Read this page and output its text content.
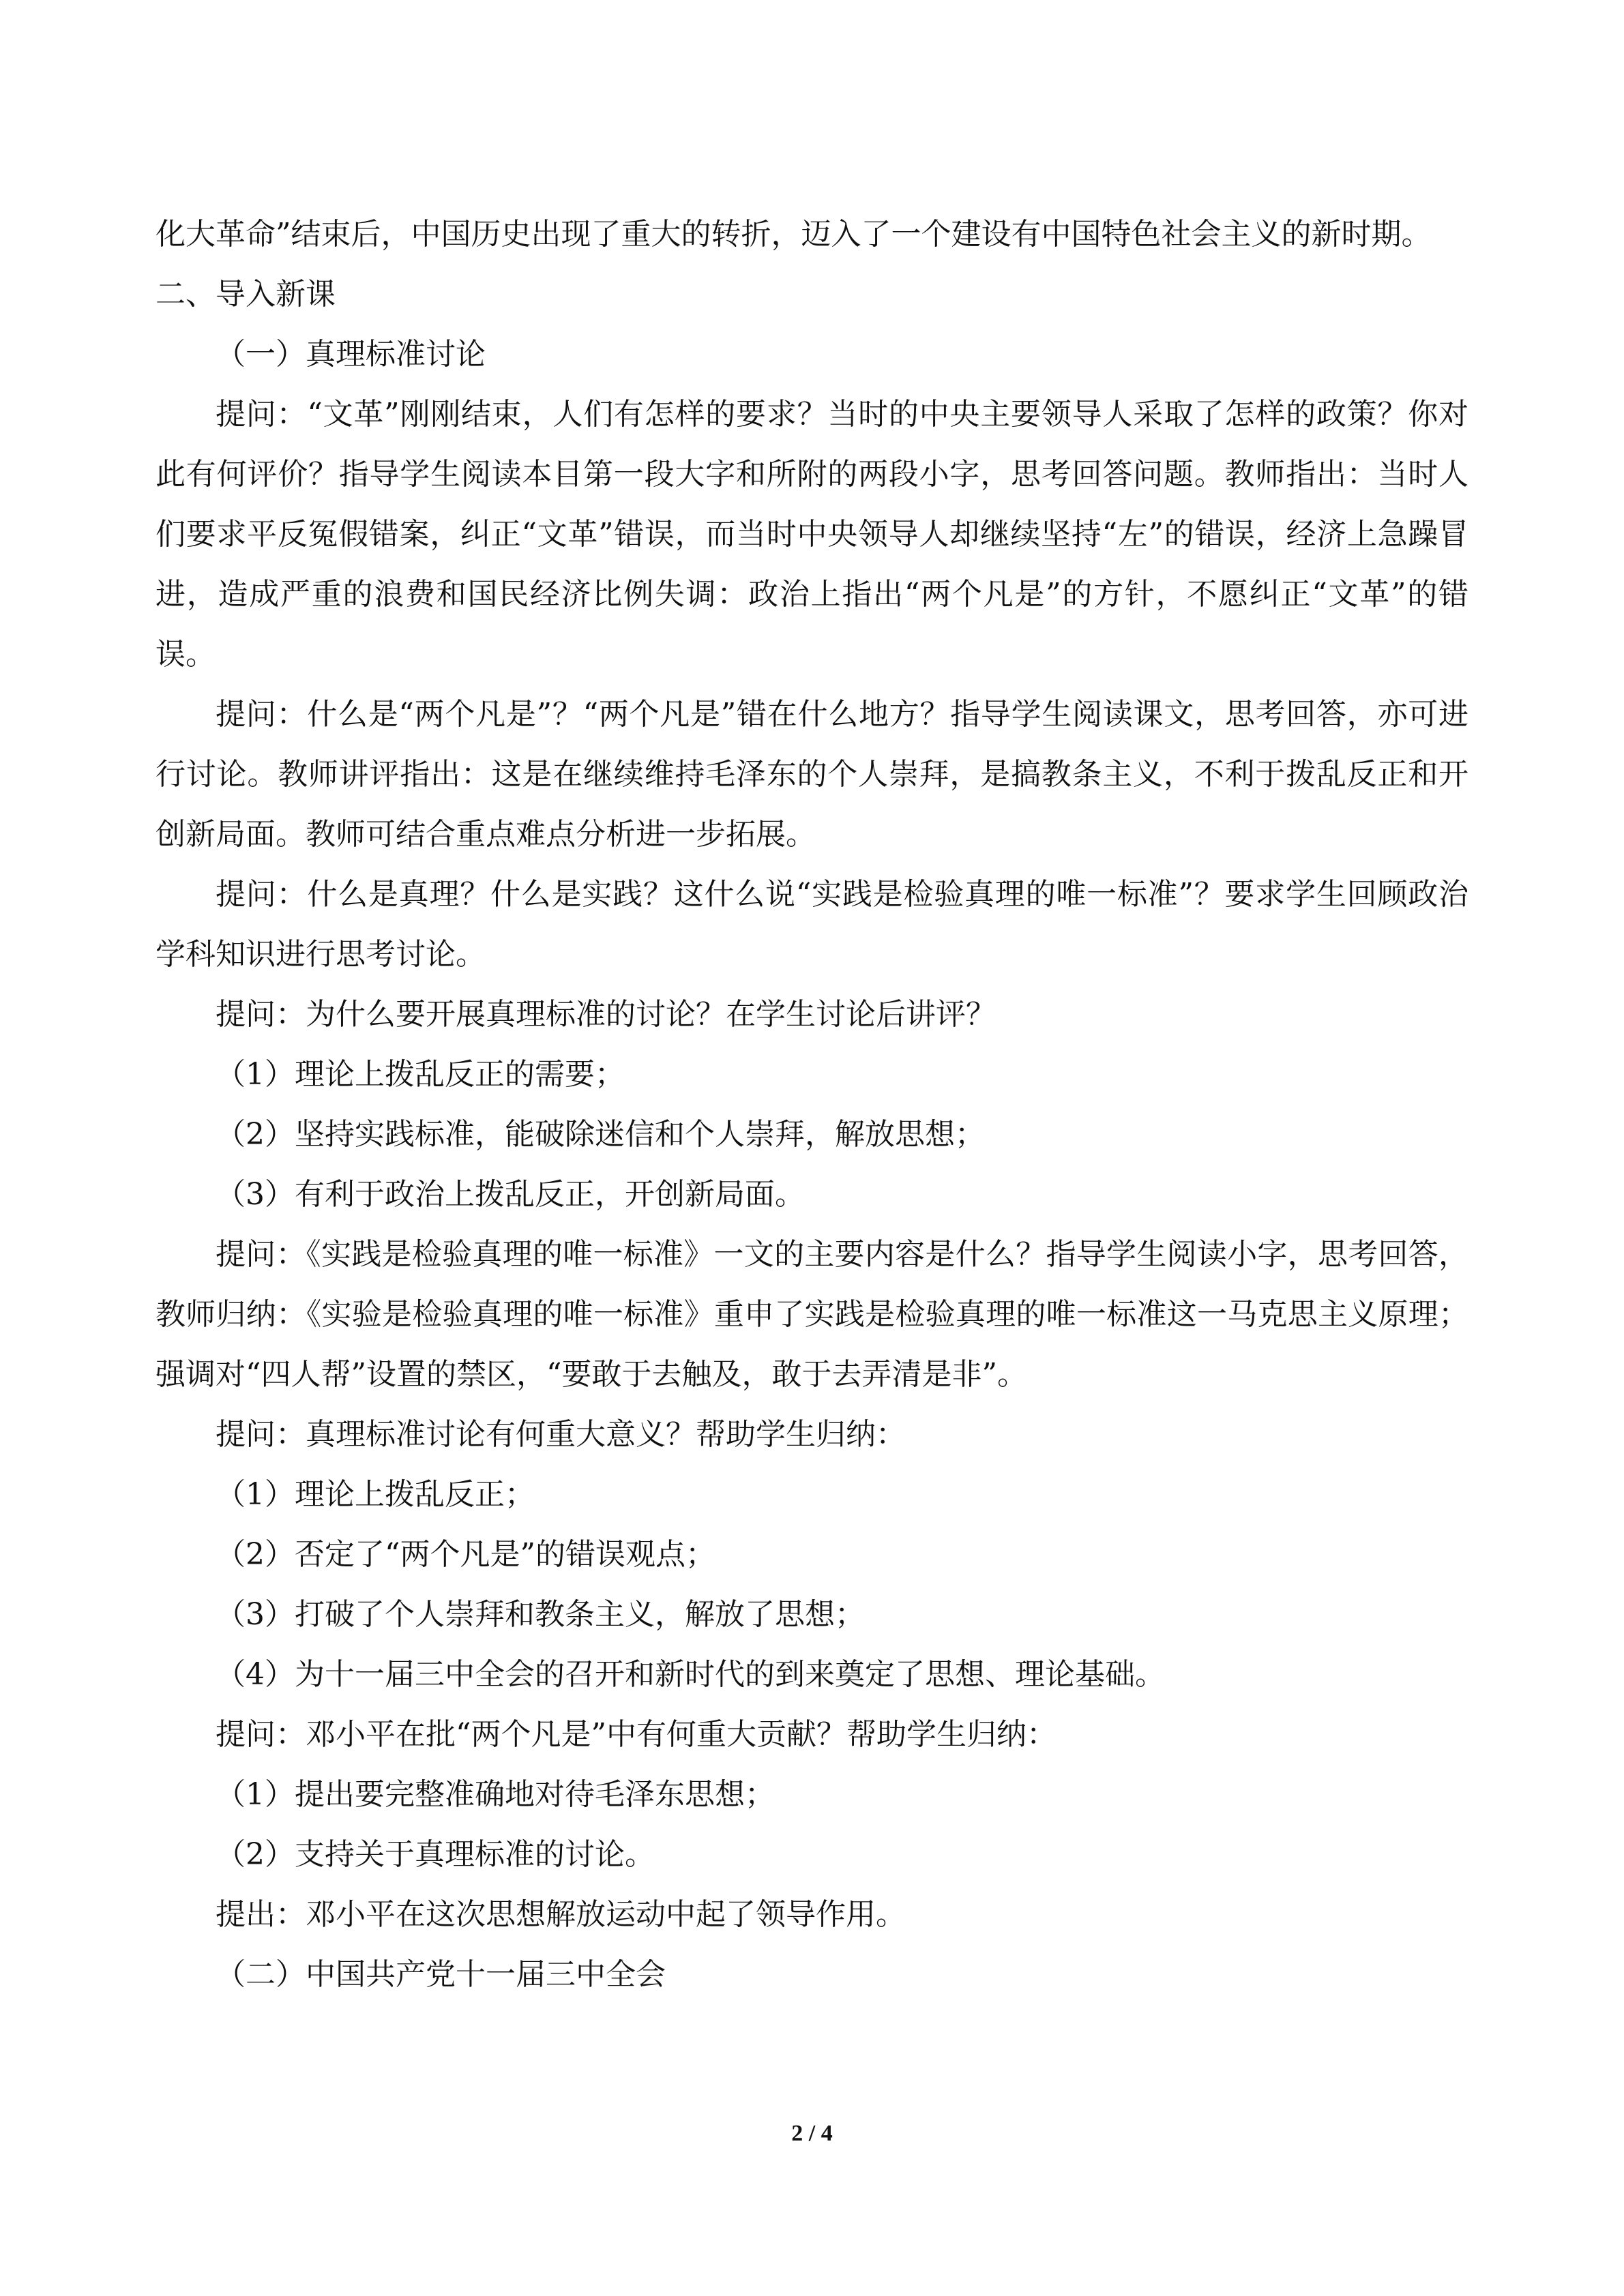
化大革命”结束后，中国历史出现了重大的转折，迈入了一个建设有中国特色社会主义的新时期。

二、导入新课

（一）真理标准讨论

提问：“文革”刚刚结束，人们有怎样的要求？当时的中央主要领导人采取了怎样的政策？你对此有何评价？指导学生阅读本目第一段大字和所附的两段小字，思考回答问题。教师指出：当时人们要求平反冤假错案，纠正“文革”错误，而当时中央领导人却继续坚持“左”的错误，经济上急躁冒进，造成严重的浪费和国民经济比例失调：政治上指出“两个凡是”的方针，不愿纠正“文革”的错误。

提问：什么是“两个凡是”？“两个凡是”错在什么地方？指导学生阅读课文，思考回答，亦可进行讨论。教师讲评指出：这是在继续维持毛泽东的个人崇拜，是搞教条主义，不利于拨乱反正和开创新局面。教师可结合重点难点分析进一步拓展。

提问：什么是真理？什么是实践？这什么说“实践是检验真理的唯一标准”？要求学生回顾政治学科知识进行思考讨论。

提问：为什么要开展真理标准的讨论？在学生讨论后讲评？

（1）理论上拨乱反正的需要；

（2）坚持实践标准，能破除迷信和个人崇拜，解放思想；

（3）有利于政治上拨乱反正，开创新局面。

提问：《实践是检验真理的唯一标准》一文的主要内容是什么？指导学生阅读小字，思考回答，教师归纳：《实验是检验真理的唯一标准》重申了实践是检验真理的唯一标准这一马克思主义原理；强调对“四人帮”设置的禁区，“要敢于去触及，敢于去弄清是非”。

提问：真理标准讨论有何重大意义？帮助学生归纳：

（1）理论上拨乱反正；

（2）否定了“两个凡是”的错误观点；

（3）打破了个人崇拜和教条主义，解放了思想；

（4）为十一届三中全会的召开和新时代的到来奠定了思想、理论基础。

提问：邓小平在批“两个凡是”中有何重大贡献？帮助学生归纳：

（1）提出要完整准确地对待毛泽东思想；

（2）支持关于真理标准的讨论。

提出：邓小平在这次思想解放运动中起了领导作用。

（二）中国共产党十一届三中全会

2 / 4
